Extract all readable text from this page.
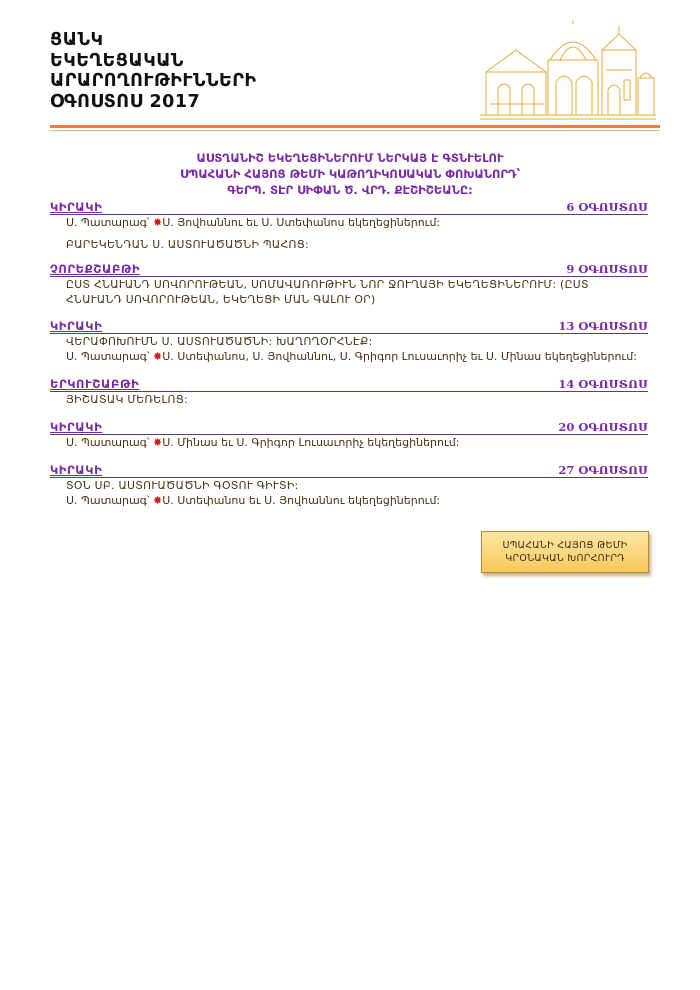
ՑԱՆԿ
ԵԿԵՂԵՑԱԿԱՆ
ԱՐԱՐՈՂՈՒԹԻՒՆՆԵՐԻ
ՕԳՈՍՏՈՍ 2017
ԱՍՏՂԱՆԻՇ ԵԿԵՂԵՑԻՆԵՐՈՒՄ ՆԵՐԿԱՅ Է ԳՏՆՒԵԼՈՒ
ՍՊԱՀԱՆԻ ՀԱՅՈՑ ԹԵՄԻ ԿԱԹՈՂԻԿՈՍԱԿԱՆ ՓՈԽԱՆՈՐԴ՝
ԳԵՐՊ. ՏԷՐ ՍԻՓԱՆ Ծ. ՎՐԴ. ՔԷՇԻՇԵԱՆԸ:
ԿԻՐԱԿԻ	6 ՕԳՈՍՏՈՍ
Ս. Պատարագ՝ ✸Ս. Յովհաննու եւ Ս. Ստեփանոս եկեղեցիներում:
ԲԱՐԵԿԵՆԴԱՆ Ս. ԱՍՏՈՒԱԾԱԾՆԻ ՊԱՀՈՑ:
ՉՈՐԵՔՇԱԲԹԻ	9 ՕԳՈՍՏՈՍ
ԸՍՏ ՀՆԱՒԱՆԴ ՍՈՎՈՐՈՒԹԵԱՆ, ՍՈՄԱՎԱՌՈՒԹԻՒՆ ՆՈՐ ՋՈՒՂԱՅԻ ԵԿԵՂԵՑԻՆԵՐՈՒՄ: (ԸՍՏ ՀՆԱՒԱՆԴ ՍՈՎՈՐՈՒԹԵԱՆ, ԵԿԵՂԵՑԻ ՄԱՆ ԳԱԼՈՒ ՕՐ)
ԿԻՐԱԿԻ	13 ՕԳՈՍՏՈՍ
ՎԵՐԱՓՈԽՈՒՄՆ Ս. ԱՍՏՈՒԱԾԱԾՆԻ: ԽԱՂՈՂՕՐՀՆԷՔ:
Ս. Պատարագ՝ ✸Ս. Ստեփանոս, Ս. Յովհաննու, Ս. Գրիգոր Լուսաւորիչ եւ Ս. Մինաս եկեղեցիներում:
ԵՐԿՈՒՇԱԲԹԻ	14 ՕԳՈՍՏՈՍ
ՅԻՇԱՏԱԿ ՄԵՌԵԼՈՑ:
ԿԻՐԱԿԻ	20 ՕԳՈՍՏՈՍ
Ս. Պատարագ՝ ✸Ս. Մինաս եւ Ս. Գրիգոր Լուսաւորիչ եկեղեցիներում:
ԿԻՐԱԿԻ	27 ՕԳՈՍՏՈՍ
ՏՕՆ ՍԲ. ԱՍՏՈՒԱԾԱԾՆԻ ԳՕՏՈՒ ԳԻՒՏԻ:
Ս. Պատարագ՝ ✸Ս. Ստեփանոս եւ Ս. Յովհաննու եկեղեցիներում:
ՍՊԱՀԱՆԻ ՀԱՅՈՑ ԹԵՄԻ
ԿՐՕՆԱԿԱՆ ԽՈՐՀՈՒՐԴ
